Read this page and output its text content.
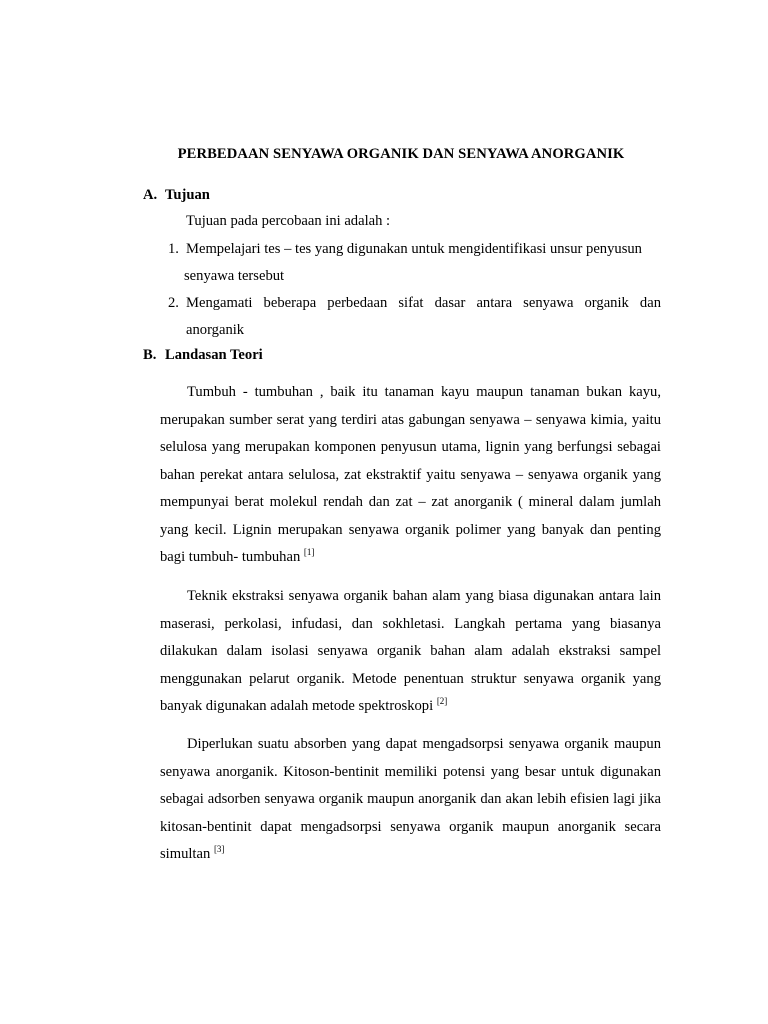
PERBEDAAN SENYAWA ORGANIK DAN SENYAWA ANORGANIK
A. Tujuan
Tujuan pada percobaan ini adalah :
1. Mempelajari tes – tes yang digunakan untuk mengidentifikasi unsur penyusun
senyawa tersebut
2. Mengamati beberapa perbedaan sifat dasar antara senyawa organik dan
anorganik
B. Landasan Teori
Tumbuh - tumbuhan , baik itu tanaman kayu maupun tanaman bukan kayu, merupakan sumber serat yang terdiri atas gabungan senyawa – senyawa kimia, yaitu selulosa yang merupakan komponen penyusun utama, lignin yang berfungsi sebagai bahan perekat antara selulosa, zat ekstraktif yaitu senyawa – senyawa organik yang mempunyai berat molekul rendah dan zat – zat anorganik ( mineral dalam jumlah yang kecil. Lignin merupakan senyawa organik polimer yang banyak dan penting bagi tumbuh- tumbuhan [1]
Teknik ekstraksi senyawa organik bahan alam yang biasa digunakan antara lain maserasi, perkolasi, infudasi, dan sokhletasi. Langkah pertama yang biasanya dilakukan dalam isolasi senyawa organik bahan alam adalah ekstraksi sampel menggunakan pelarut organik. Metode penentuan struktur senyawa organik yang banyak digunakan adalah metode spektroskopi [2]
Diperlukan suatu absorben yang dapat mengadsorpsi senyawa organik maupun senyawa anorganik. Kitoson-bentinit memiliki potensi yang besar untuk digunakan sebagai adsorben senyawa organik maupun anorganik dan akan lebih efisien lagi jika kitosan-bentinit dapat mengadsorpsi senyawa organik maupun anorganik secara simultan [3]
